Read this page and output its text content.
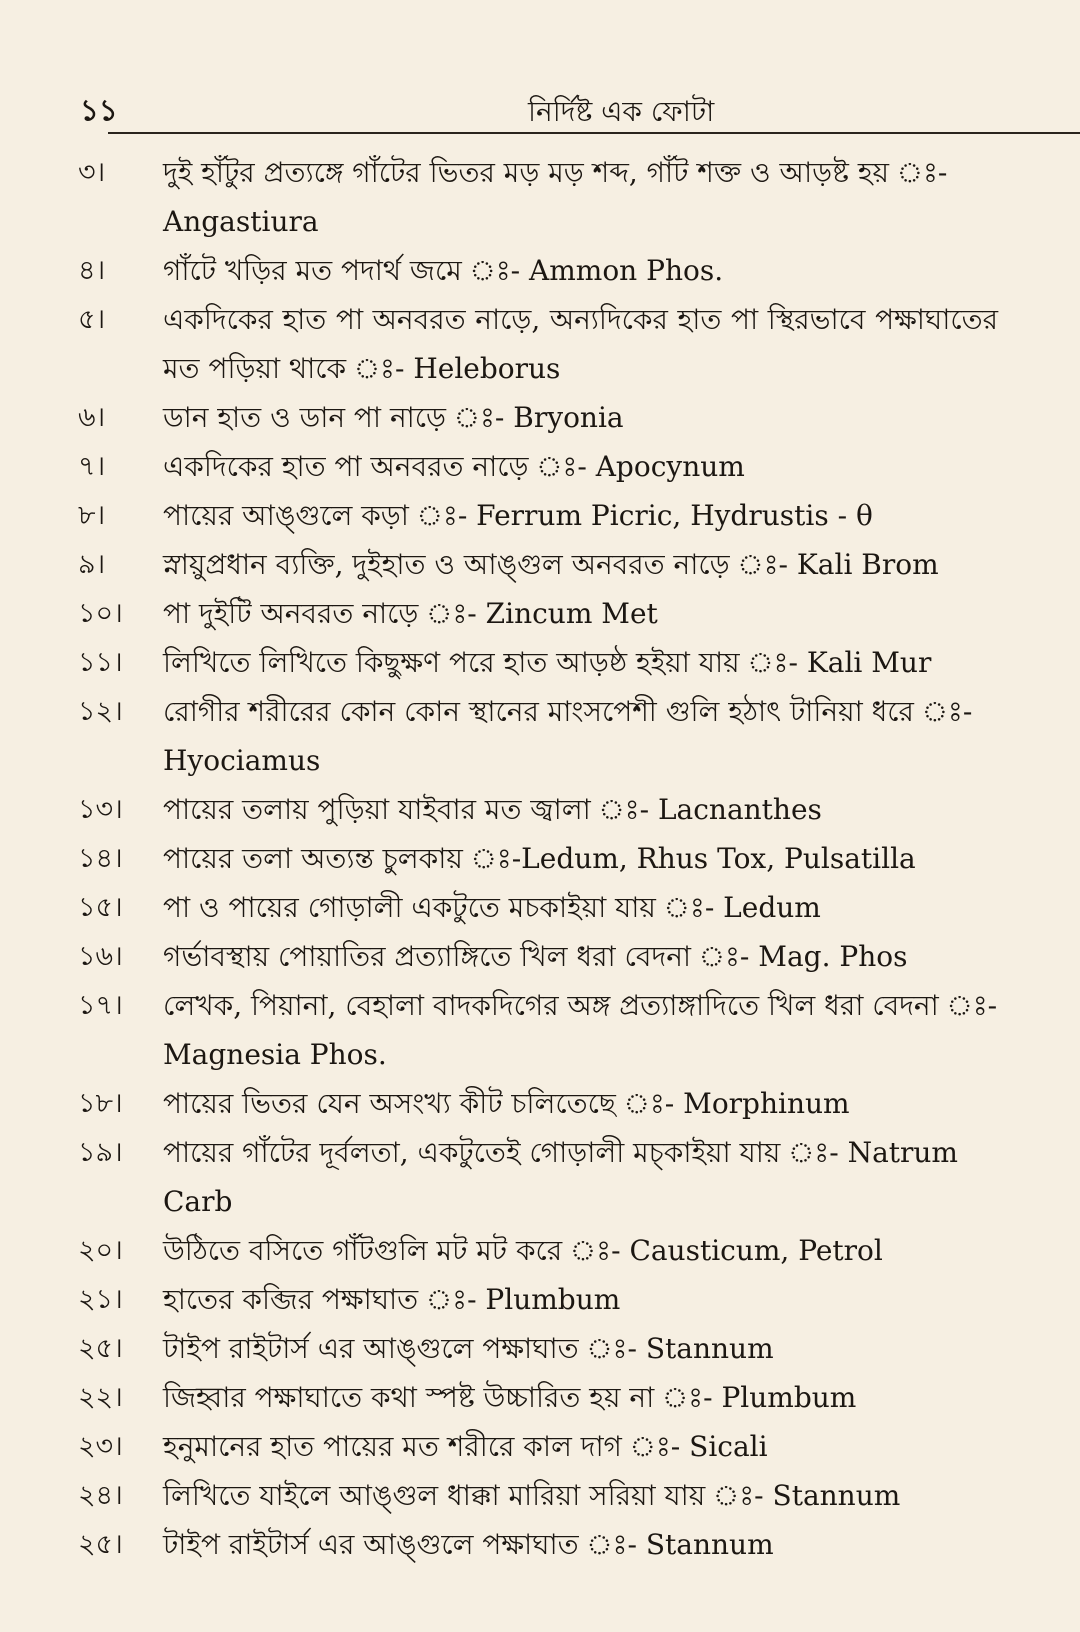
১১	নির্দিষ্ট এক ফোটা
৩।	দুই হাঁটুর প্রত্যঙ্গে গাঁটের ভিতর মড় মড় শব্দ, গাঁট শক্ত ও আড়ষ্ট হয় ঃ- Angastiura
৪।	গাঁটে খড়ির মত পদার্থ জমে ঃ- Ammon Phos.
৫।	একদিকের হাত পা অনবরত নাড়ে, অন্যদিকের হাত পা স্থিরভাবে পক্ষাঘাতের মত পড়িয়া থাকে ঃ- Heleborus
৬।	ডান হাত ও ডান পা নাড়ে ঃ- Bryonia
৭।	একদিকের হাত পা অনবরত নাড়ে ঃ- Apocynum
৮।	পায়ের আঙ্গুলে কড়া ঃ- Ferrum Picric, Hydrustis - θ
৯।	স্নায়ুপ্রধান ব্যক্তি, দুইহাত ও আঙ্গুল অনবরত নাড়ে ঃ- Kali Brom
১০।	পা দুইটি অনবরত নাড়ে ঃ- Zincum Met
১১।	লিখিতে লিখিতে কিছুক্ষণ পরে হাত আড়ষ্ঠ হইয়া যায় ঃ- Kali Mur
১২।	রোগীর শরীরের কোন কোন স্থানের মাংসপেশী গুলি হঠাৎ টানিয়া ধরে ঃ- Hyociamus
১৩।	পায়ের তলায় পুড়িয়া যাইবার মত জ্বালা ঃ- Lacnanthes
১৪।	পায়ের তলা অত্যন্ত চুলকায় ঃ-Ledum, Rhus Tox, Pulsatilla
১৫।	পা ও পায়ের গোড়ালী একটুতে মচকাইয়া যায় ঃ- Ledum
১৬।	গর্ভাবস্থায় পোয়াতির প্রত্যাঙ্গিতে খিল ধরা বেদনা ঃ- Mag. Phos
১৭।	লেখক, পিয়ানা, বেহালা বাদকদিগের অঙ্গ প্রত্যাঙ্গাদিতে খিল ধরা বেদনা ঃ- Magnesia Phos.
১৮।	পায়ের ভিতর যেন অসংখ্য কীট চলিতেছে ঃ- Morphinum
১৯।	পায়ের গাঁটের দূর্বলতা, একটুতেই গোড়ালী মচ্‌কাইয়া যায় ঃ- Natrum Carb
২০।	উঠিতে বসিতে গাঁটগুলি মট মট করে ঃ- Causticum, Petrol
২১।	হাতের কব্জির পক্ষাঘাত ঃ- Plumbum
২৫।	টাইপ রাইটার্স এর আঙ্গুলে পক্ষাঘাত ঃ- Stannum
২২।	জিহ্বার পক্ষাঘাতে কথা স্পষ্ট উচ্চারিত হয় না ঃ- Plumbum
২৩।	হনুমানের হাত পায়ের মত শরীরে কাল দাগ ঃ- Sicali
২৪।	লিখিতে যাইলে আঙ্গুল ধাক্কা মারিয়া সরিয়া যায় ঃ- Stannum
২৫।	টাইপ রাইটার্স এর আঙ্গুলে পক্ষাঘাত ঃ- Stannum
